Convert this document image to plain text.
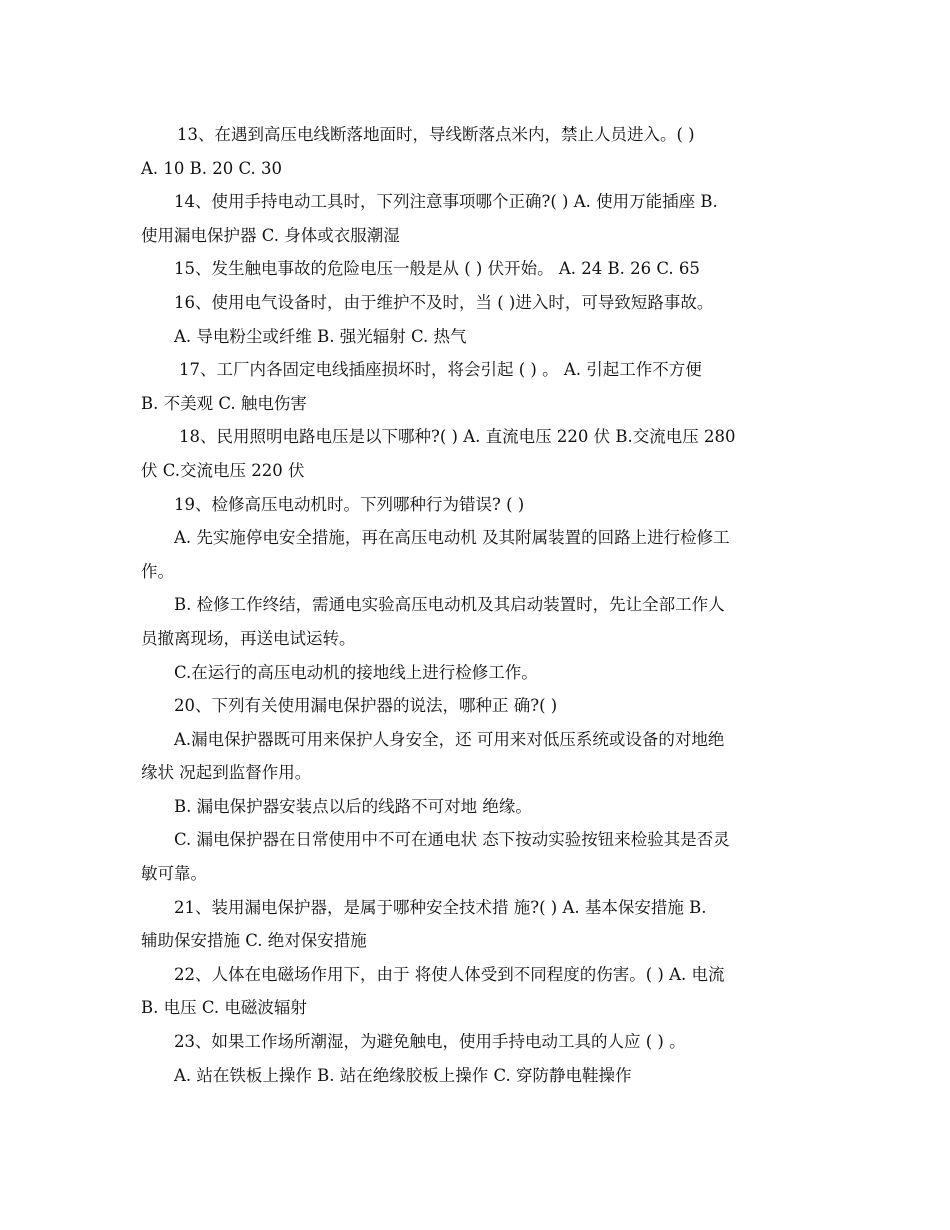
13、在遇到高压电线断落地面时，导线断落点米内，禁止人员进入。( )
A. 10 B. 20 C. 30
14、使用手持电动工具时，下列注意事项哪个正确?( ) A. 使用万能插座 B.
使用漏电保护器 C. 身体或衣服潮湿
15、发生触电事故的危险电压一般是从 ( ) 伏开始。 A. 24 B. 26 C. 65
16、使用电气设备时，由于维护不及时，当 ( )进入时，可导致短路事故。
A. 导电粉尘或纤维 B. 强光辐射 C. 热气
17、工厂内各固定电线插座损坏时，将会引起 ( ) 。 A. 引起工作不方便
B. 不美观 C. 触电伤害
18、民用照明电路电压是以下哪种?( ) A. 直流电压 220 伏 B.交流电压 280
伏 C.交流电压 220 伏
19、检修高压电动机时。下列哪种行为错误? ( )
A. 先实施停电安全措施，再在高压电动机 及其附属装置的回路上进行检修工
作。
B. 检修工作终结，需通电实验高压电动机及其启动装置时，先让全部工作人
员撤离现场，再送电试运转。
C.在运行的高压电动机的接地线上进行检修工作。
20、下列有关使用漏电保护器的说法，哪种正 确?( )
A.漏电保护器既可用来保护人身安全，还 可用来对低压系统或设备的对地绝
缘状 况起到监督作用。
B. 漏电保护器安装点以后的线路不可对地 绝缘。
C. 漏电保护器在日常使用中不可在通电状 态下按动实验按钮来检验其是否灵
敏可靠。
21、装用漏电保护器，是属于哪种安全技术措 施?( ) A. 基本保安措施 B.
辅助保安措施 C. 绝对保安措施
22、人体在电磁场作用下，由于 将使人体受到不同程度的伤害。( ) A. 电流
B. 电压 C. 电磁波辐射
23、如果工作场所潮湿，为避免触电，使用手持电动工具的人应 ( ) 。
A. 站在铁板上操作 B. 站在绝缘胶板上操作 C. 穿防静电鞋操作
